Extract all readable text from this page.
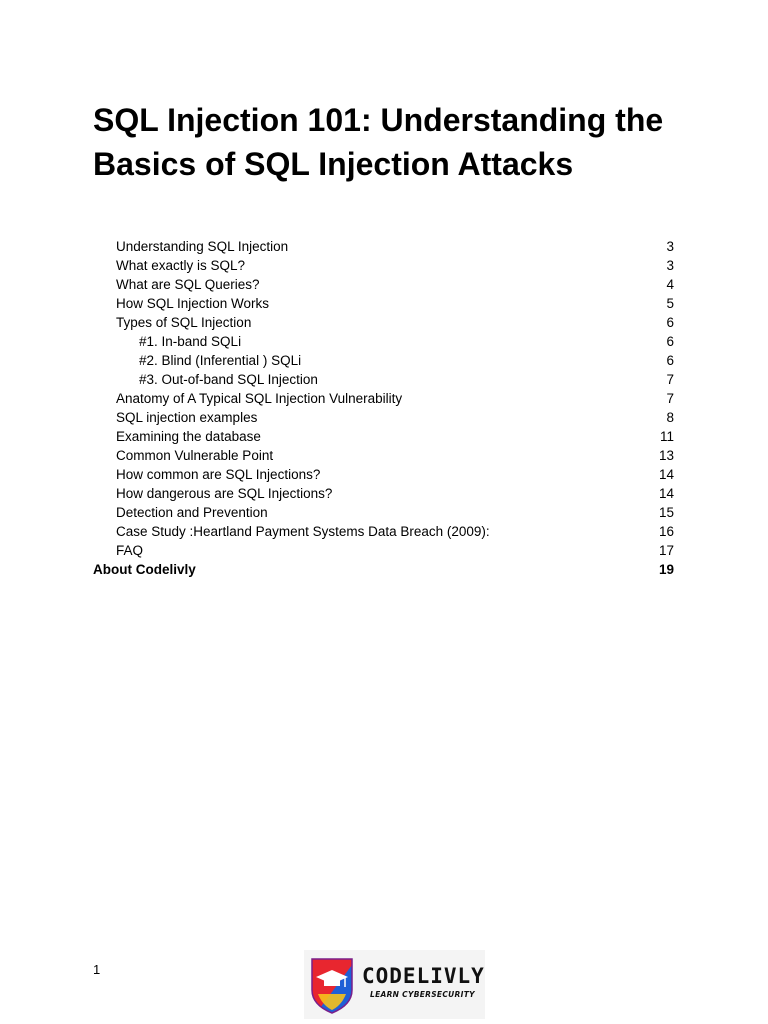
SQL Injection 101: Understanding the Basics of SQL Injection Attacks
Understanding SQL Injection	3
What exactly is SQL?	3
What are SQL Queries?	4
How SQL Injection Works	5
Types of SQL Injection	6
#1. In-band SQLi	6
#2. Blind (Inferential ) SQLi	6
#3. Out-of-band SQL Injection	7
Anatomy of A Typical SQL Injection Vulnerability	7
SQL injection examples	8
Examining the database	11
Common Vulnerable Point	13
How common are SQL Injections?	14
How dangerous are SQL Injections?	14
Detection and Prevention	15
Case Study :Heartland Payment Systems Data Breach (2009):	16
FAQ	17
About Codelivly	19
1	CODELIVLY
LEARN CYBERSECURITY
